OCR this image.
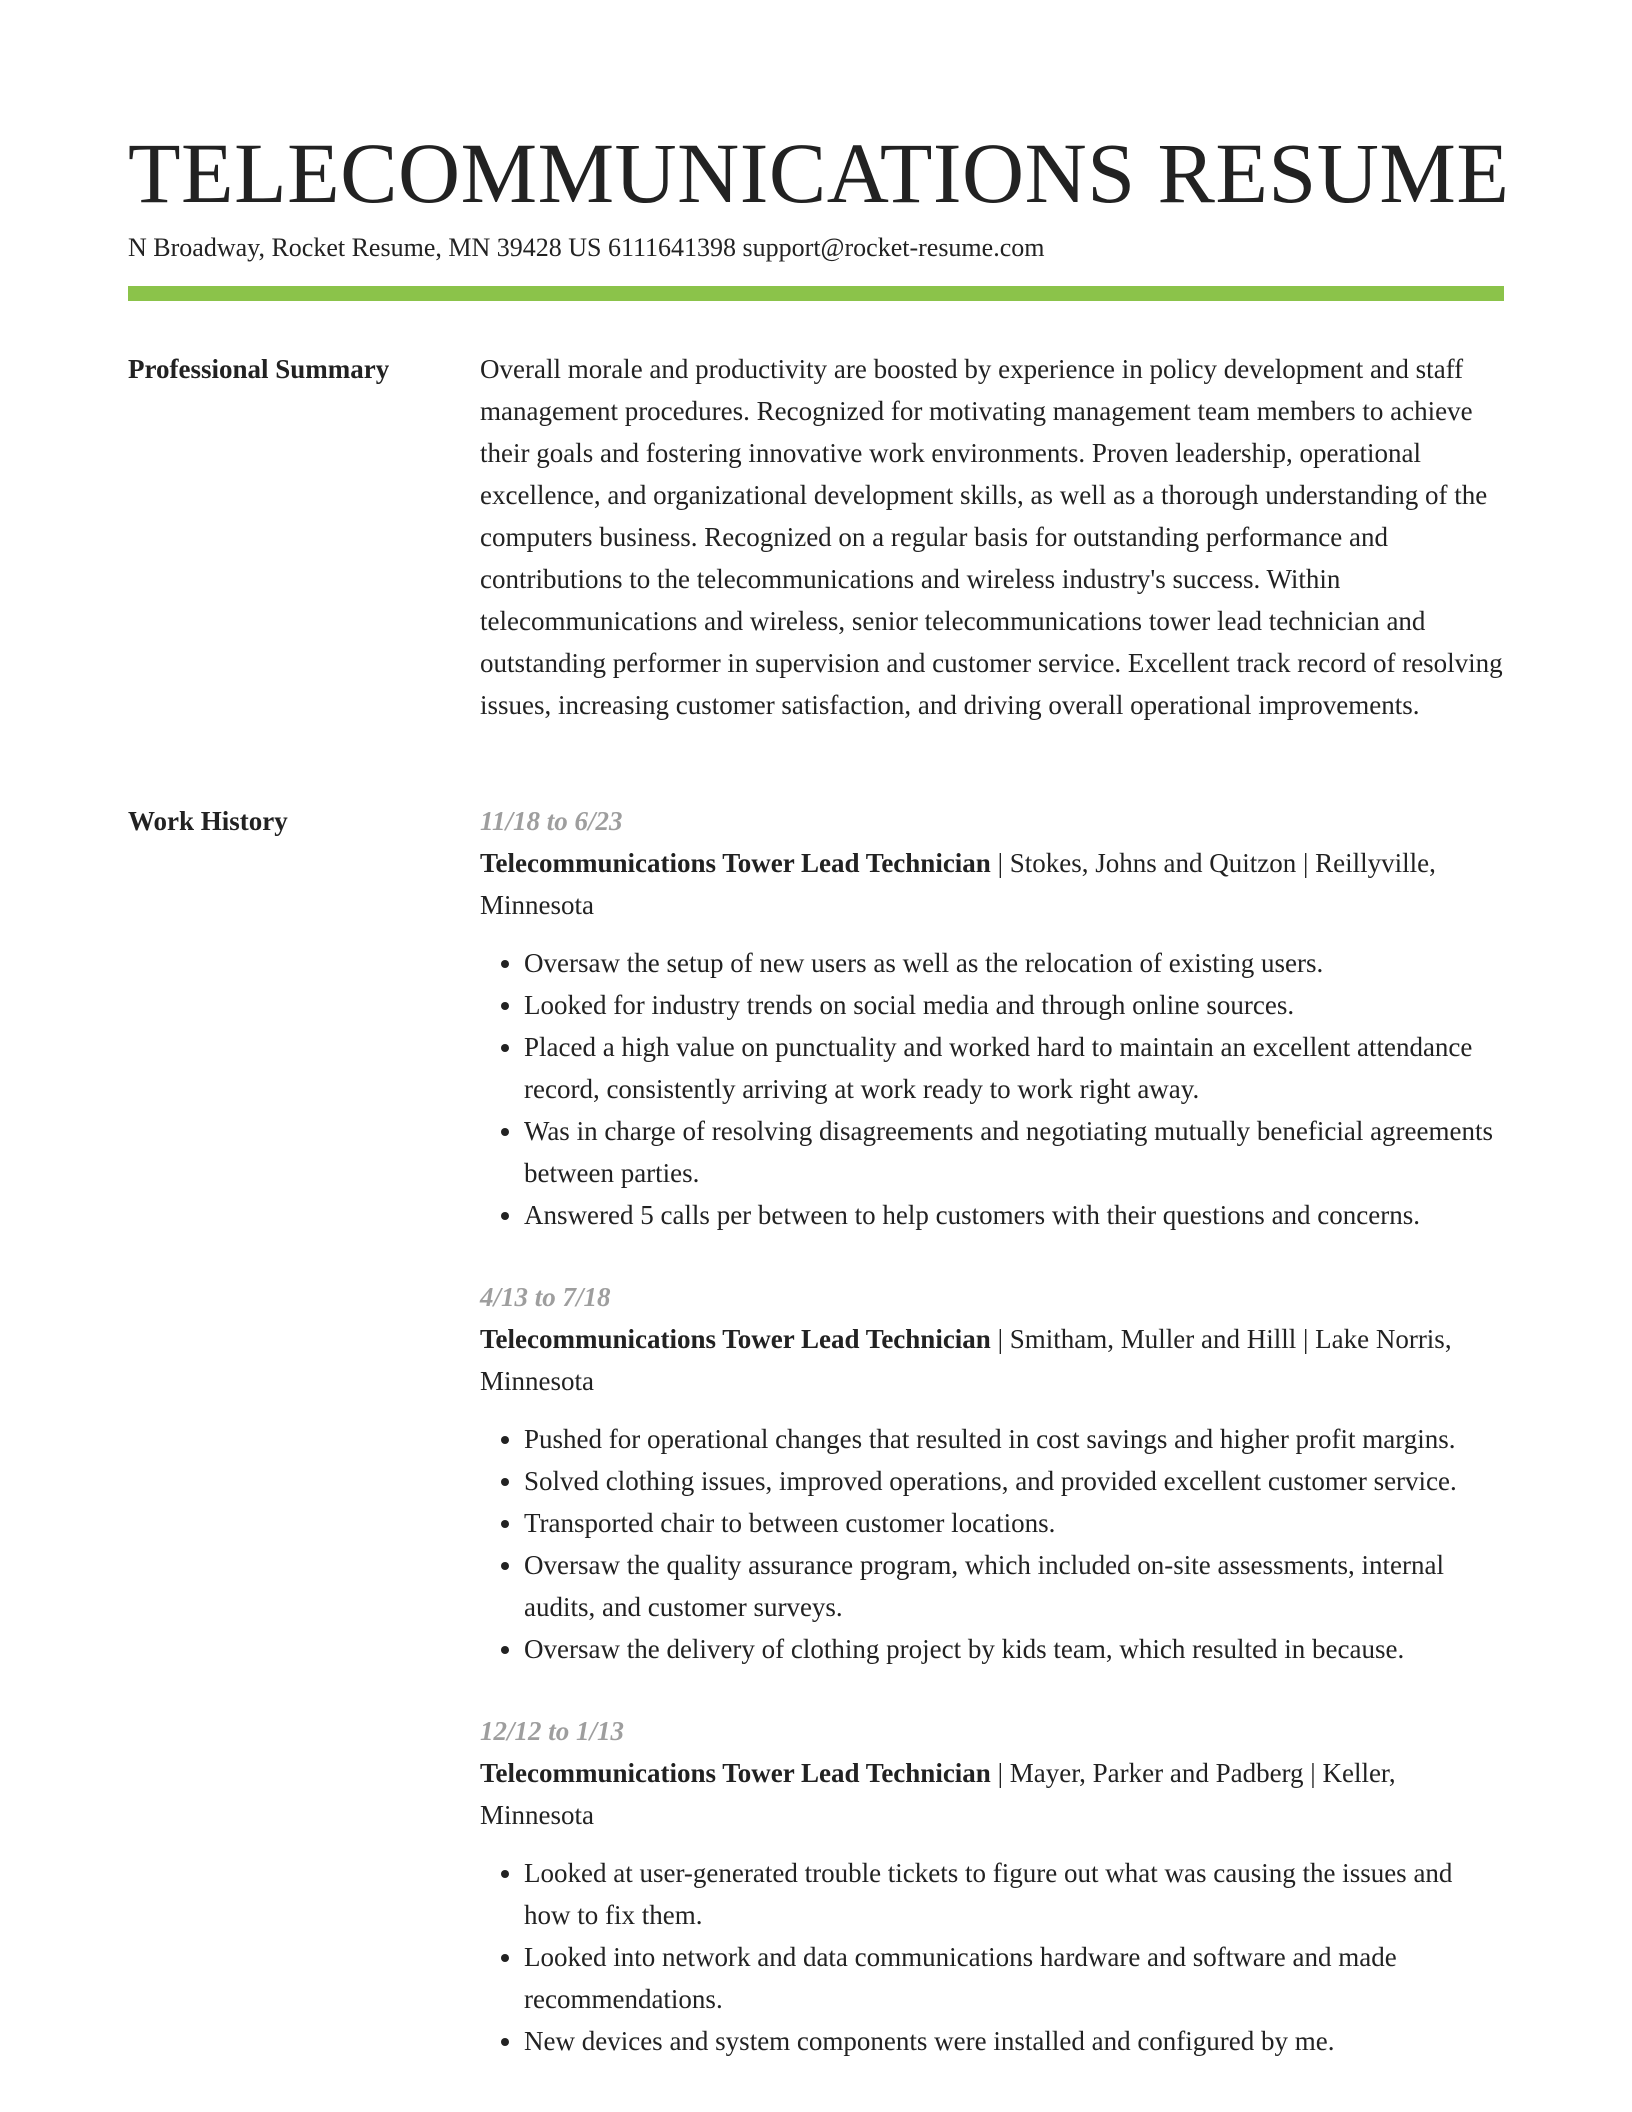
TELECOMMUNICATIONS RESUME
N Broadway, Rocket Resume, MN 39428 US 6111641398 support@rocket-resume.com
Professional Summary	Overall morale and productivity are boosted by experience in policy development and staff management procedures. Recognized for motivating management team members to achieve their goals and fostering innovative work environments. Proven leadership, operational excellence, and organizational development skills, as well as a thorough understanding of the computers business. Recognized on a regular basis for outstanding performance and contributions to the telecommunications and wireless industry's success. Within telecommunications and wireless, senior telecommunications tower lead technician and outstanding performer in supervision and customer service. Excellent track record of resolving issues, increasing customer satisfaction, and driving overall operational improvements.

Work History	11/18 to 6/23

Telecommunications Tower Lead Technician | Stokes, Johns and Quitzon | Reillyville, Minnesota

• Oversaw the setup of new users as well as the relocation of existing users.
• Looked for industry trends on social media and through online sources.
• Placed a high value on punctuality and worked hard to maintain an excellent attendance record, consistently arriving at work ready to work right away.
• Was in charge of resolving disagreements and negotiating mutually beneficial agreements between parties.
• Answered 5 calls per between to help customers with their questions and concerns.
4/13 to 7/18

Telecommunications Tower Lead Technician | Smitham, Muller and Hilll | Lake Norris, Minnesota

• Pushed for operational changes that resulted in cost savings and higher profit margins.
• Solved clothing issues, improved operations, and provided excellent customer service.
• Transported chair to between customer locations.
• Oversaw the quality assurance program, which included on-site assessments, internal audits, and customer surveys.
• Oversaw the delivery of clothing project by kids team, which resulted in because.
12/12 to 1/13

Telecommunications Tower Lead Technician | Mayer, Parker and Padberg | Keller, Minnesota

• Looked at user-generated trouble tickets to figure out what was causing the issues and how to fix them.
• Looked into network and data communications hardware and software and made recommendations.
• New devices and system components were installed and configured by me.
